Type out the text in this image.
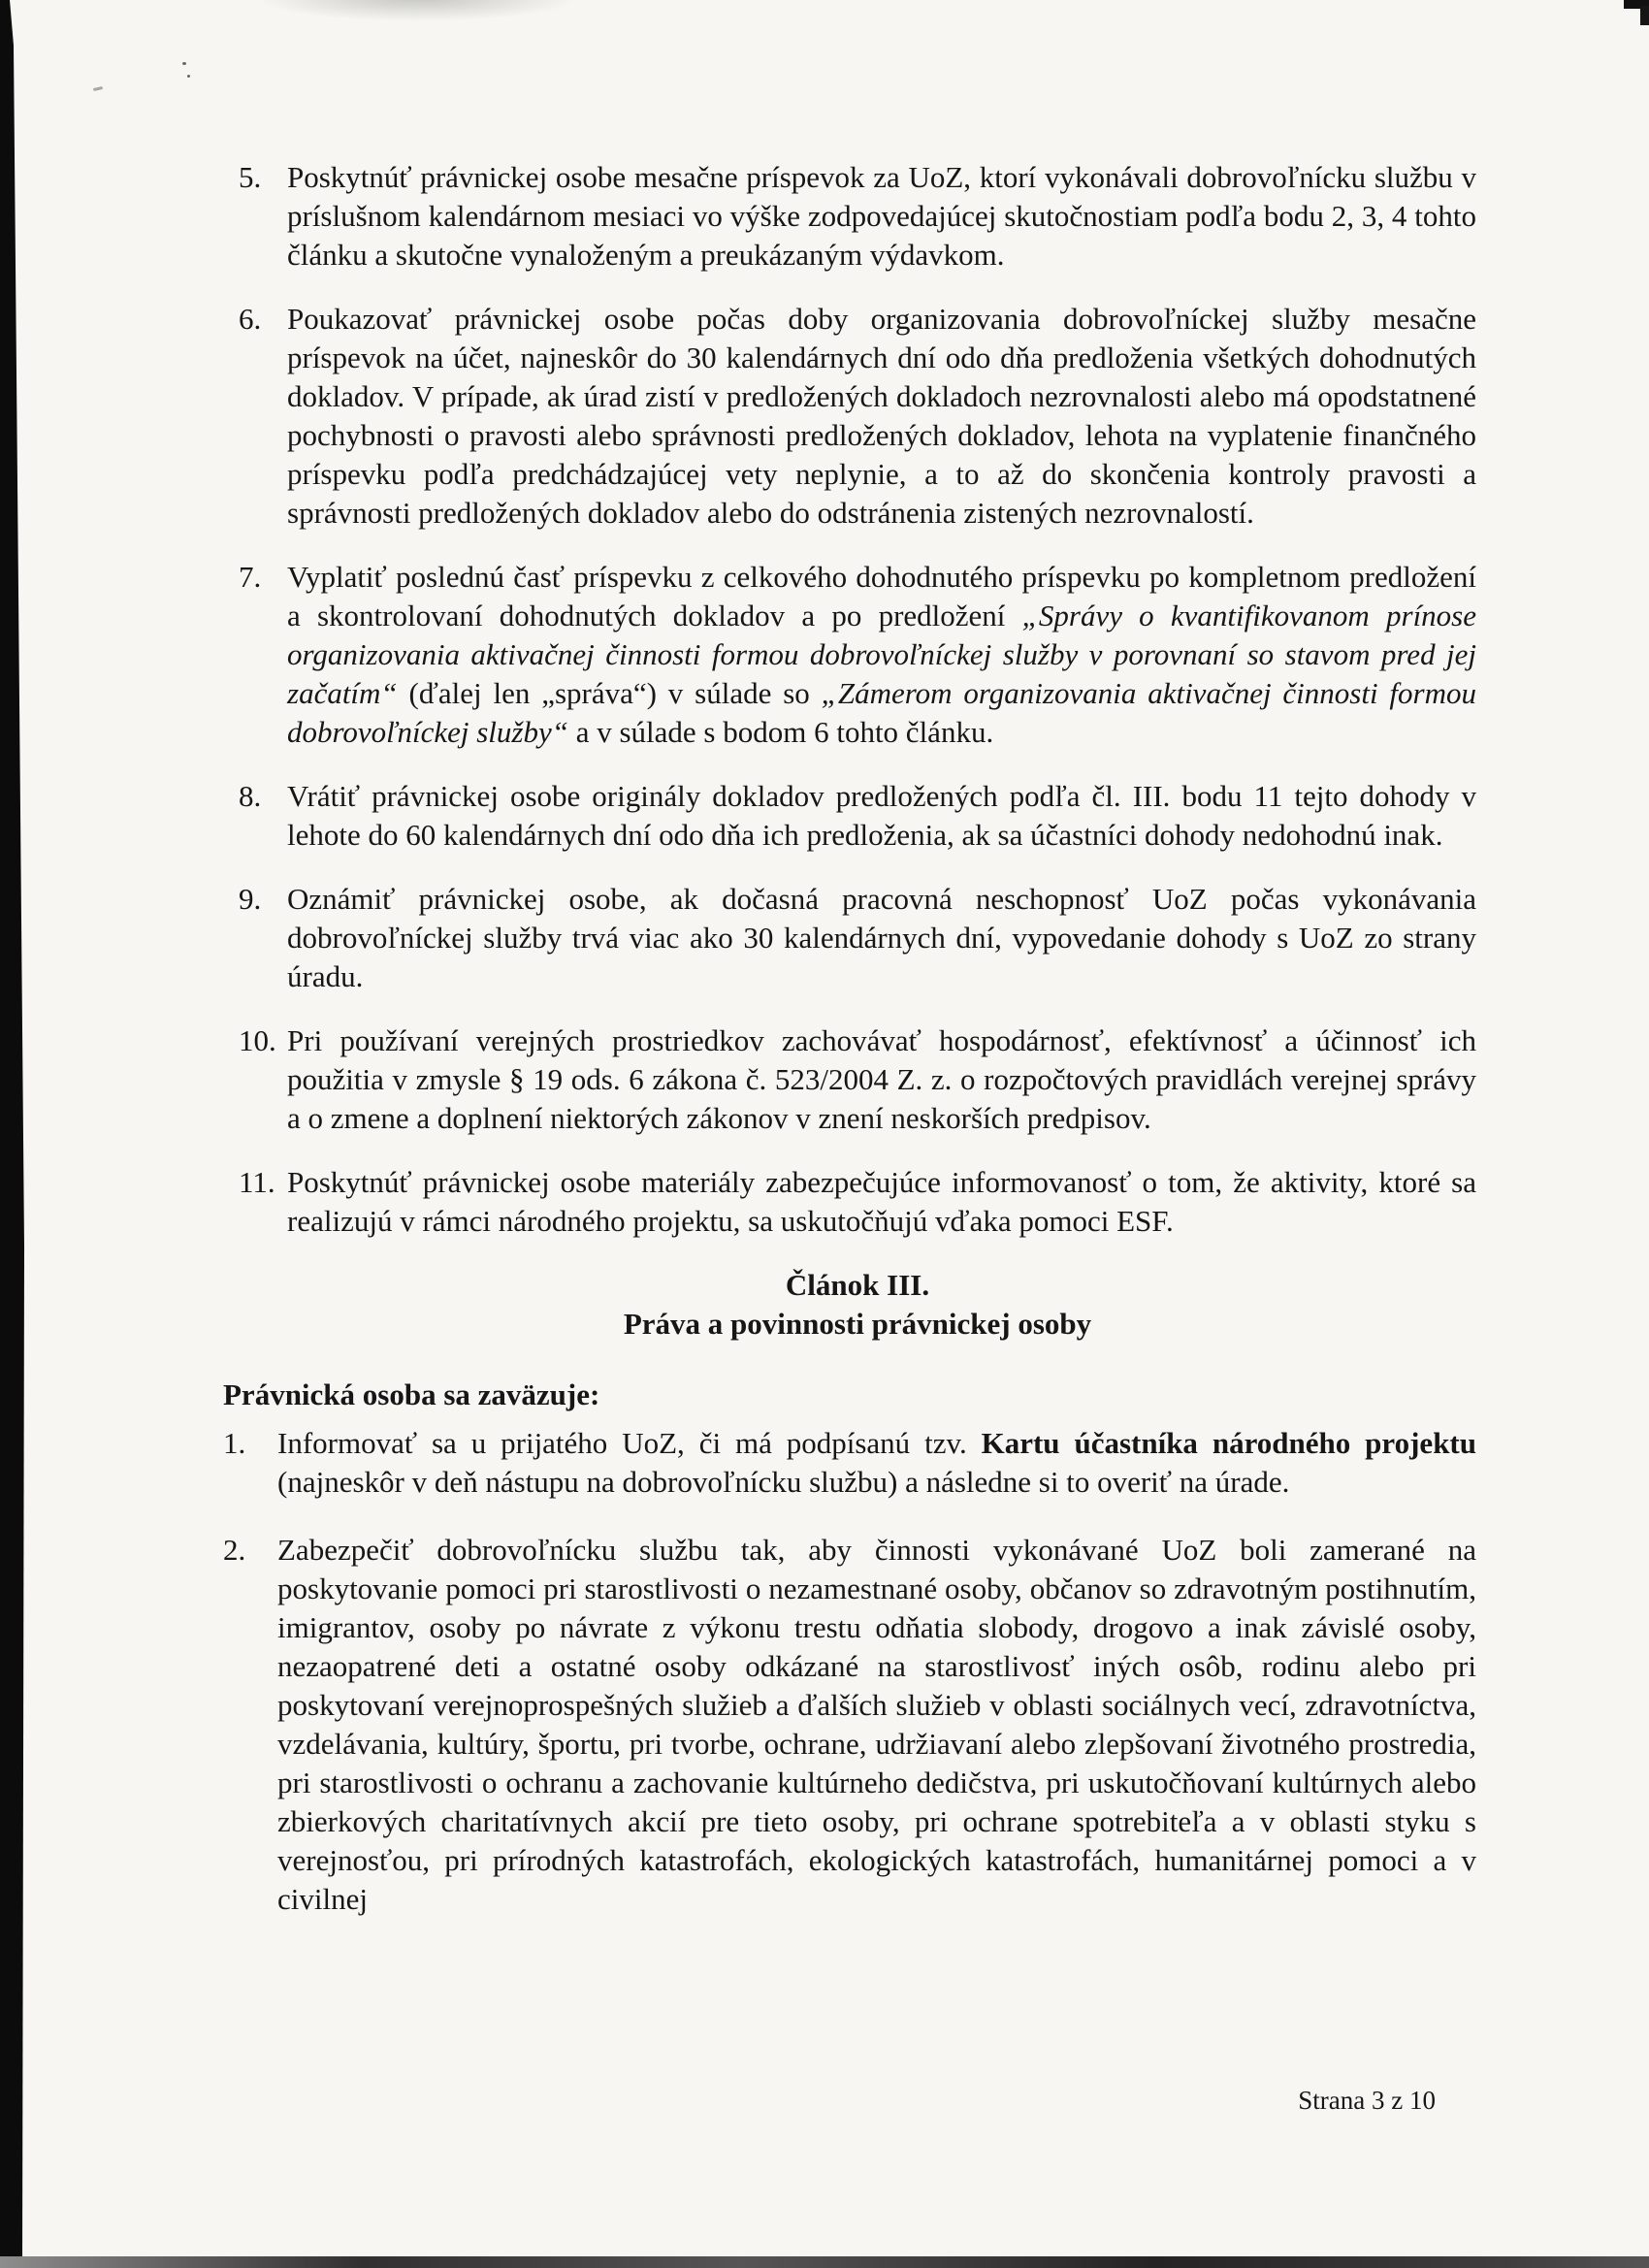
5. Poskytnúť právnickej osobe mesačne príspevok za UoZ, ktorí vykonávali dobrovoľnícku službu v príslušnom kalendárnom mesiaci vo výške zodpovedajúcej skutočnostiam podľa bodu 2, 3, 4 tohto článku a skutočne vynaloženým a preukázaným výdavkom.

6. Poukazovať právnickej osobe počas doby organizovania dobrovoľníckej služby mesačne príspevok na účet, najneskôr do 30 kalendárnych dní odo dňa predloženia všetkých dohodnutých dokladov. V prípade, ak úrad zistí v predložených dokladoch nezrovnalosti alebo má opodstatnené pochybnosti o pravosti alebo správnosti predložených dokladov, lehota na vyplatenie finančného príspevku podľa predchádzajúcej vety neplynie, a to až do skončenia kontroly pravosti a správnosti predložených dokladov alebo do odstránenia zistených nezrovnalostí.

7. Vyplatiť poslednú časť príspevku z celkového dohodnutého príspevku po kompletnom predložení a skontrolovaní dohodnutých dokladov a po predložení „Správy o kvantifikovanom prínose organizovania aktivačnej činnosti formou dobrovoľníckej služby v porovnaní so stavom pred jej začatím“ (ďalej len „správa“) v súlade so „Zámerom organizovania aktivačnej činnosti formou dobrovoľníckej služby“ a v súlade s bodom 6 tohto článku.

8. Vrátiť právnickej osobe originály dokladov predložených podľa čl. III. bodu 11 tejto dohody v lehote do 60 kalendárnych dní odo dňa ich predloženia, ak sa účastníci dohody nedohodnú inak.

9. Oznámiť právnickej osobe, ak dočasná pracovná neschopnosť UoZ počas vykonávania dobrovoľníckej služby trvá viac ako 30 kalendárnych dní, vypovedanie dohody s UoZ zo strany úradu.

10. Pri používaní verejných prostriedkov zachovávať hospodárnosť, efektívnosť a účinnosť ich použitia v zmysle § 19 ods. 6 zákona č. 523/2004 Z. z. o rozpočtových pravidlách verejnej správy a o zmene a doplnení niektorých zákonov v znení neskorších predpisov.

11. Poskytnúť právnickej osobe materiály zabezpečujúce informovanosť o tom, že aktivity, ktoré sa realizujú v rámci národného projektu, sa uskutočňujú vďaka pomoci ESF.

Článok III.
Práva a povinnosti právnickej osoby
Právnická osoba sa zaväzuje:
1.	Informovať sa u prijatého UoZ, či má podpísanú tzv. Kartu účastníka národného projektu (najneskôr v deň nástupu na dobrovoľnícku službu) a následne si to overiť na úrade.

2.	Zabezpečiť dobrovoľnícku službu tak, aby činnosti vykonávané UoZ boli zamerané na poskytovanie pomoci pri starostlivosti o nezamestnané osoby, občanov so zdravotným postihnutím, imigrantov, osoby po návrate z výkonu trestu odňatia slobody, drogovo a inak závislé osoby, nezaopatrené deti a ostatné osoby odkázané na starostlivosť iných osôb, rodinu alebo pri poskytovaní verejnoprospešných služieb a ďalších služieb v oblasti sociálnych vecí, zdravotníctva, vzdelávania, kultúry, športu, pri tvorbe, ochrane, udržiavaní alebo zlepšovaní životného prostredia, pri starostlivosti o ochranu a zachovanie kultúrneho dedičstva, pri uskutočňovaní kultúrnych alebo zbierkových charitatívnych akcií pre tieto osoby, pri ochrane spotrebiteľa a v oblasti styku s verejnosťou, pri prírodných katastrofách, ekologických katastrofách, humanitárnej pomoci a v civilnej

Strana 3 z 10
